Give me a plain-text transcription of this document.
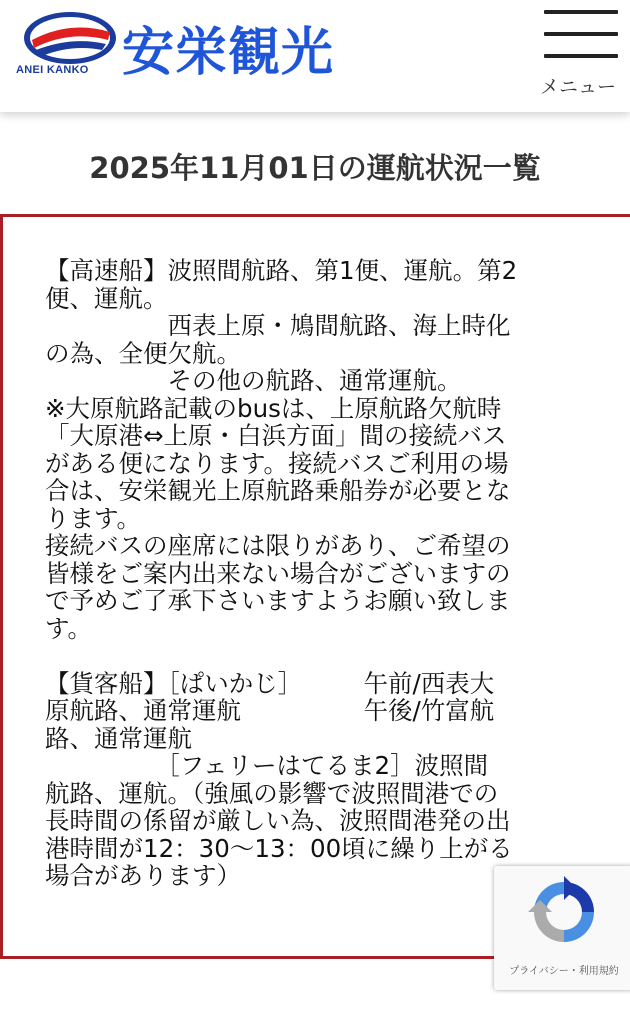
ANEI KANKO 安栄観光
メニュー
2025年11月01日の運航状況一覧
【高速船】波照間航路、第1便、運航。第2
便、運航。
　　　　　西表上原・鳩間航路、海上時化
の為、全便欠航。
　　　　　その他の航路、通常運航。
※大原航路記載のbusは、上原航路欠航時
「大原港⇔上原・白浜方面」間の接続バス
がある便になります。接続バスご利用の場
合は、安栄観光上原航路乗船券が必要とな
ります。
接続バスの座席には限りがあり、ご希望の
皆様をご案内出来ない場合がございますの
で予めご了承下さいますようお願い致しま
す。
【貨客船】［ぱいかじ］　　　午前/西表大
原航路、通常運航　　　　　午後/竹富航
路、通常運航
　　　　　［フェリーはてるま2］波照間
航路、運航。（強風の影響で波照間港での
長時間の係留が厳しい為、波照間港発の出
港時間が12：30〜13：00頃に繰り上がる
場合があります）
プライバシー・利用規約
